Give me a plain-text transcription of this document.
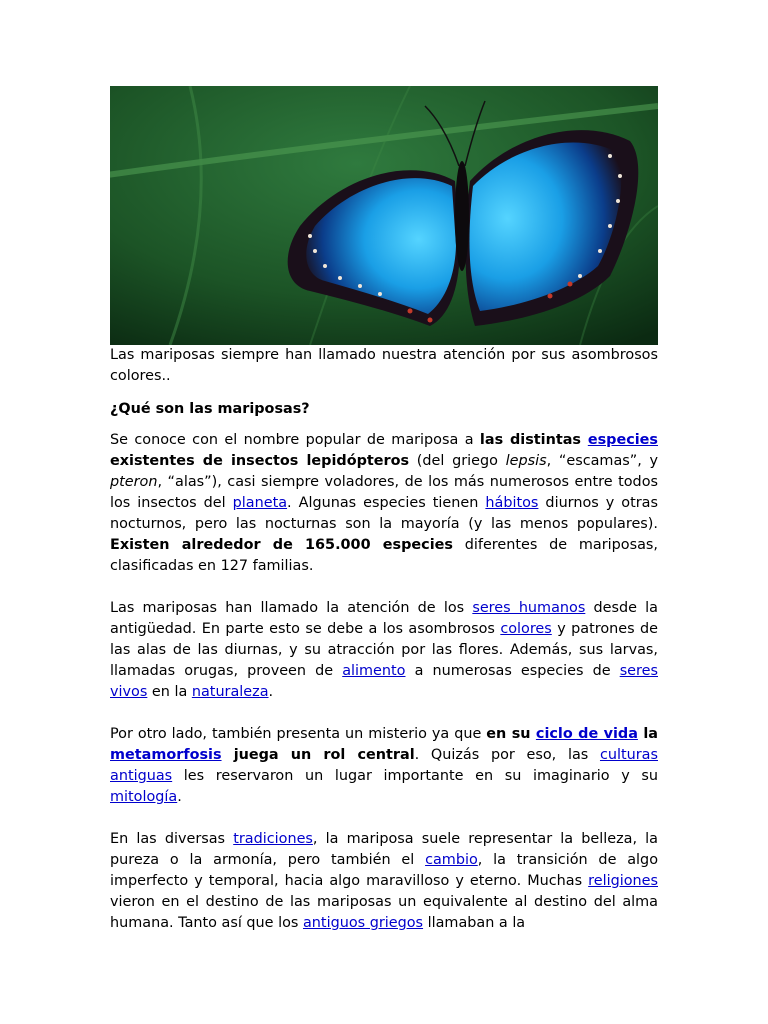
Las mariposas siempre han llamado nuestra atención por sus asombrosos colores..

¿Qué son las mariposas?

Se conoce con el nombre popular de mariposa a las distintas especies existentes de insectos lepidópteros (del griego lepsis, “escamas”, y pteron, “alas”), casi siempre voladores, de los más numerosos entre todos los insectos del planeta. Algunas especies tienen hábitos diurnos y otras nocturnos, pero las nocturnas son la mayoría (y las menos populares). Existen alrededor de 165.000 especies diferentes de mariposas, clasificadas en 127 familias.

Las mariposas han llamado la atención de los seres humanos desde la antigüedad. En parte esto se debe a los asombrosos colores y patrones de las alas de las diurnas, y su atracción por las flores. Además, sus larvas, llamadas orugas, proveen de alimento a numerosas especies de seres vivos en la naturaleza.

Por otro lado, también presenta un misterio ya que en su ciclo de vida la metamorfosis juega un rol central. Quizás por eso, las culturas antiguas les reservaron un lugar importante en su imaginario y su mitología.

En las diversas tradiciones, la mariposa suele representar la belleza, la pureza o la armonía, pero también el cambio, la transición de algo imperfecto y temporal, hacia algo maravilloso y eterno. Muchas religiones vieron en el destino de las mariposas un equivalente al destino del alma humana. Tanto así que los antiguos griegos llamaban a la
